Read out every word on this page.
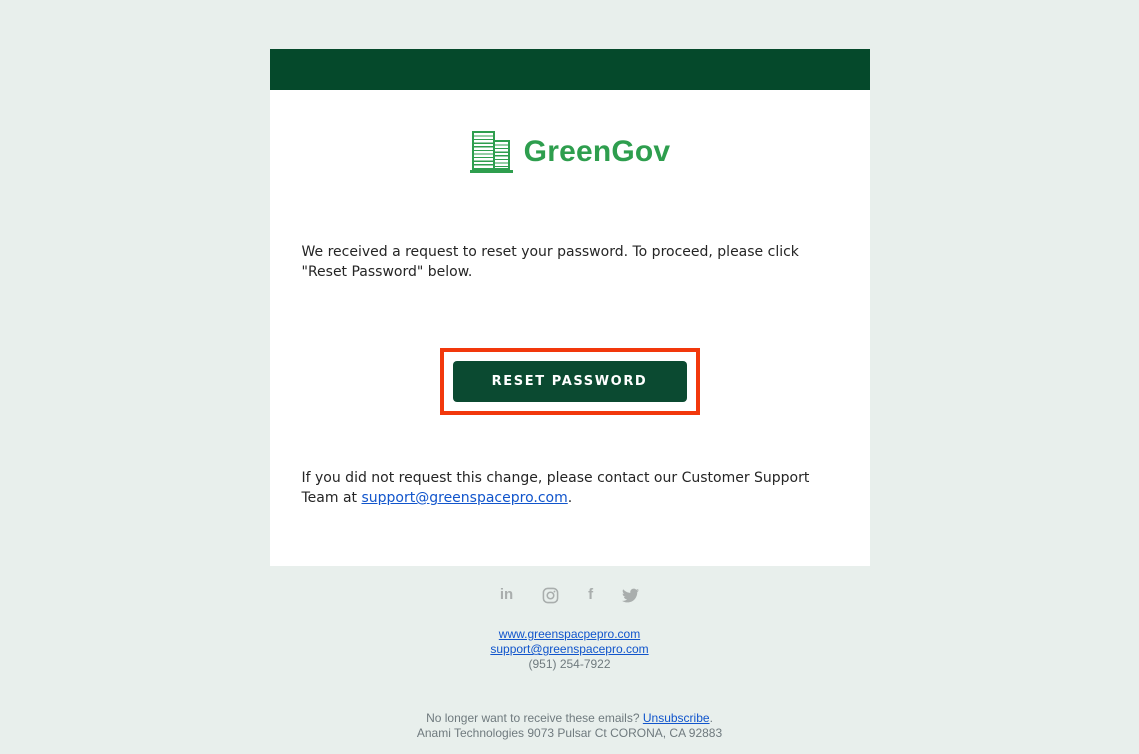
GreenGov

We received a request to reset your password. To proceed, please click "Reset Password" below.

RESET PASSWORD

If you did not request this change, please contact our Customer Support Team at support@greenspacepro.com.

in	f
www.greenspacpepro.com
support@greenspacepro.com
(951) 254-7922
No longer want to receive these emails? Unsubscribe.
Anami Technologies 9073 Pulsar Ct CORONA, CA 92883
